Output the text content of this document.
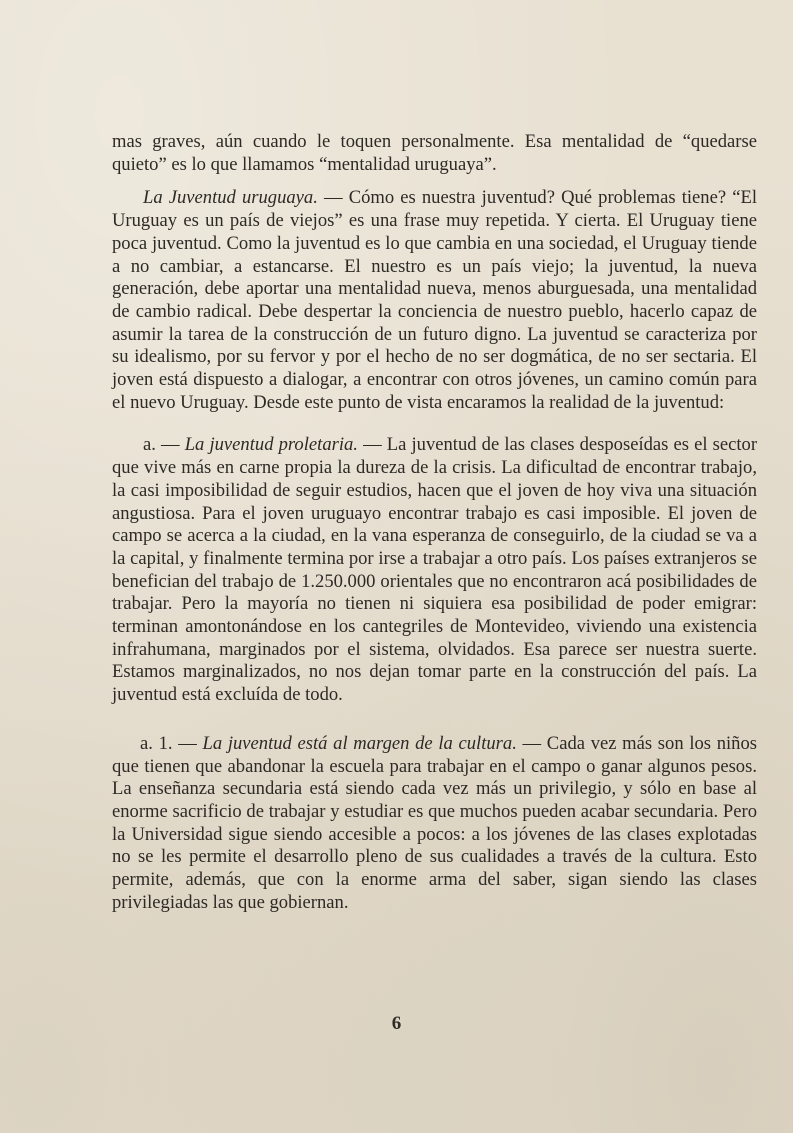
mas graves, aún cuando le toquen personalmente. Esa mentalidad de “quedarse quieto” es lo que llamamos “mentalidad uruguaya”.

La Juventud uruguaya. — Cómo es nuestra juventud? Qué problemas tiene? “El Uruguay es un país de viejos” es una frase muy repetida. Y cierta. El Uruguay tiene poca juventud. Como la juventud es lo que cambia en una sociedad, el Uruguay tiende a no cambiar, a estancarse. El nuestro es un país viejo; la juventud, la nueva generación, debe aportar una mentalidad nueva, menos aburguesada, una mentalidad de cambio radical. Debe despertar la conciencia de nuestro pueblo, hacerlo capaz de asumir la tarea de la construcción de un futuro digno. La juventud se caracteriza por su idealismo, por su fervor y por el hecho de no ser dogmática, de no ser sectaria. El joven está dispuesto a dialogar, a encontrar con otros jóvenes, un camino común para el nuevo Uruguay. Desde este punto de vista encaramos la realidad de la juventud:

a. — La juventud proletaria. — La juventud de las clases desposeídas es el sector que vive más en carne propia la dureza de la crisis. La dificultad de encontrar trabajo, la casi imposibilidad de seguir estudios, hacen que el joven de hoy viva una situación angustiosa. Para el joven uruguayo encontrar trabajo es casi imposible. El joven de campo se acerca a la ciudad, en la vana esperanza de conseguirlo, de la ciudad se va a la capital, y finalmente termina por irse a trabajar a otro país. Los países extranjeros se benefician del trabajo de 1.250.000 orientales que no encontraron acá posibilidades de trabajar. Pero la mayoría no tienen ni siquiera esa posibilidad de poder emigrar: terminan amontonándose en los cantegriles de Montevideo, viviendo una existencia infrahumana, marginados por el sistema, olvidados. Esa parece ser nuestra suerte. Estamos marginalizados, no nos dejan tomar parte en la construcción del país. La juventud está excluída de todo.

a. 1. — La juventud está al margen de la cultura. — Cada vez más son los niños que tienen que abandonar la escuela para trabajar en el campo o ganar algunos pesos. La enseñanza secundaria está siendo cada vez más un privilegio, y sólo en base al enorme sacrificio de trabajar y estudiar es que muchos pueden acabar secundaria. Pero la Universidad sigue siendo accesible a pocos: a los jóvenes de las clases explotadas no se les permite el desarrollo pleno de sus cualidades a través de la cultura. Esto permite, además, que con la enorme arma del saber, sigan siendo las clases privilegiadas las que gobiernan.

6
